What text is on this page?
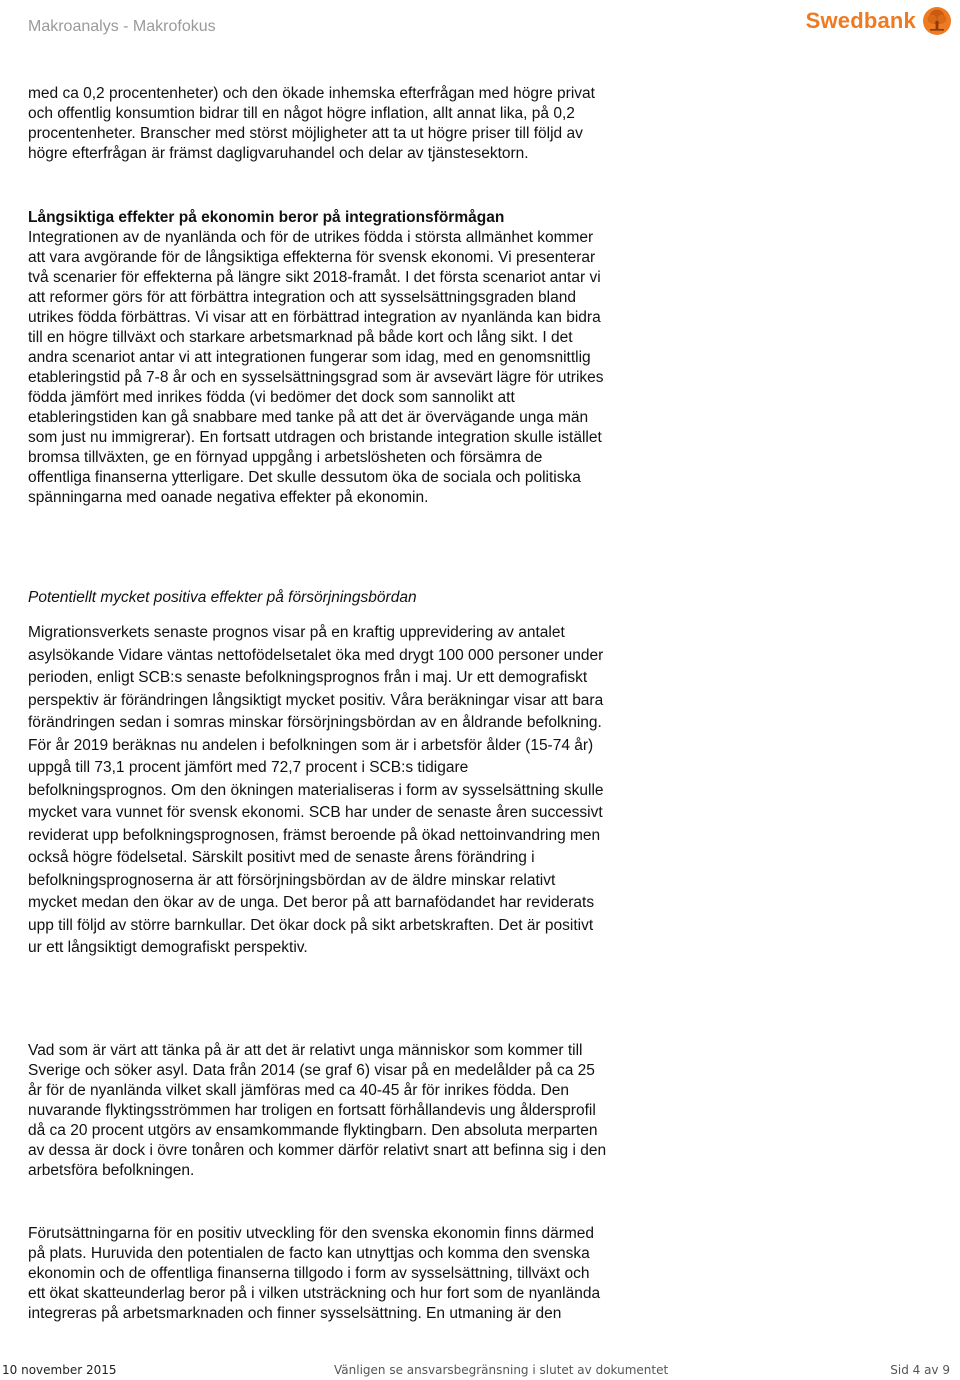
Makroanalys - Makrofokus	Swedbank

med ca 0,2 procentenheter) och den ökade inhemska efterfrågan med högre privat och offentlig konsumtion bidrar till en något högre inflation, allt annat lika, på 0,2 procentenheter. Branscher med störst möjligheter att ta ut högre priser till följd av högre efterfrågan är främst dagligvaruhandel och delar av tjänstesektorn.

Långsiktiga effekter på ekonomin beror på integrationsförmågan

Integrationen av de nyanlända och för de utrikes födda i största allmänhet kommer att vara avgörande för de långsiktiga effekterna för svensk ekonomi. Vi presenterar två scenarier för effekterna på längre sikt 2018-framåt. I det första scenariot antar vi att reformer görs för att förbättra integration och att sysselsättningsgraden bland utrikes födda förbättras. Vi visar att en förbättrad integration av nyanlända kan bidra till en högre tillväxt och starkare arbetsmarknad på både kort och lång sikt. I det andra scenariot antar vi att integrationen fungerar som idag, med en genomsnittlig etableringstid på 7-8 år och en sysselsättningsgrad som är avsevärt lägre för utrikes födda jämfört med inrikes födda (vi bedömer det dock som sannolikt att etableringstiden kan gå snabbare med tanke på att det är övervägande unga män som just nu immigrerar). En fortsatt utdragen och bristande integration skulle istället bromsa tillväxten, ge en förnyad uppgång i arbetslösheten och försämra de offentliga finanserna ytterligare. Det skulle dessutom öka de sociala och politiska spänningarna med oanade negativa effekter på ekonomin.

Potentiellt mycket positiva effekter på försörjningsbördan

Migrationsverkets senaste prognos visar på en kraftig upprevidering av antalet asylsökande Vidare väntas nettofödelsetalet öka med drygt 100 000 personer under perioden, enligt SCB:s senaste befolkningsprognos från i maj. Ur ett demografiskt perspektiv är förändringen långsiktigt mycket positiv. Våra beräkningar visar att bara förändringen sedan i somras minskar försörjningsbördan av en åldrande befolkning. För år 2019 beräknas nu andelen i befolkningen som är i arbetsför ålder (15-74 år) uppgå till 73,1 procent jämfört med 72,7 procent i SCB:s tidigare befolkningsprognos. Om den ökningen materialiseras i form av sysselsättning skulle mycket vara vunnet för svensk ekonomi. SCB har under de senaste åren successivt reviderat upp befolkningsprognosen, främst beroende på ökad nettoinvandring men också högre födelsetal. Särskilt positivt med de senaste årens förändring i befolkningsprognoserna är att försörjningsbördan av de äldre minskar relativt mycket medan den ökar av de unga. Det beror på att barnafödandet har reviderats upp till följd av större barnkullar. Det ökar dock på sikt arbetskraften. Det är positivt ur ett långsiktigt demografiskt perspektiv.

Vad som är värt att tänka på är att det är relativt unga människor som kommer till Sverige och söker asyl. Data från 2014 (se graf 6) visar på en medelålder på ca 25 år för de nyanlända vilket skall jämföras med ca 40-45 år för inrikes födda. Den nuvarande flyktingsströmmen har troligen en fortsatt förhållandevis ung åldersprofil då ca 20 procent utgörs av ensamkommande flyktingbarn. Den absoluta merparten av dessa är dock i övre tonåren och kommer därför relativt snart att befinna sig i den arbetsföra befolkningen.

Förutsättningarna för en positiv utveckling för den svenska ekonomin finns därmed på plats. Huruvida den potentialen de facto kan utnyttjas och komma den svenska ekonomin och de offentliga finanserna tillgodo i form av sysselsättning, tillväxt och ett ökat skatteunderlag beror på i vilken utsträckning och hur fort som de nyanlända integreras på arbetsmarknaden och finner sysselsättning. En utmaning är den

10 november 2015	Vänligen se ansvarsbegränsning i slutet av dokumentet	Sid 4 av 9
